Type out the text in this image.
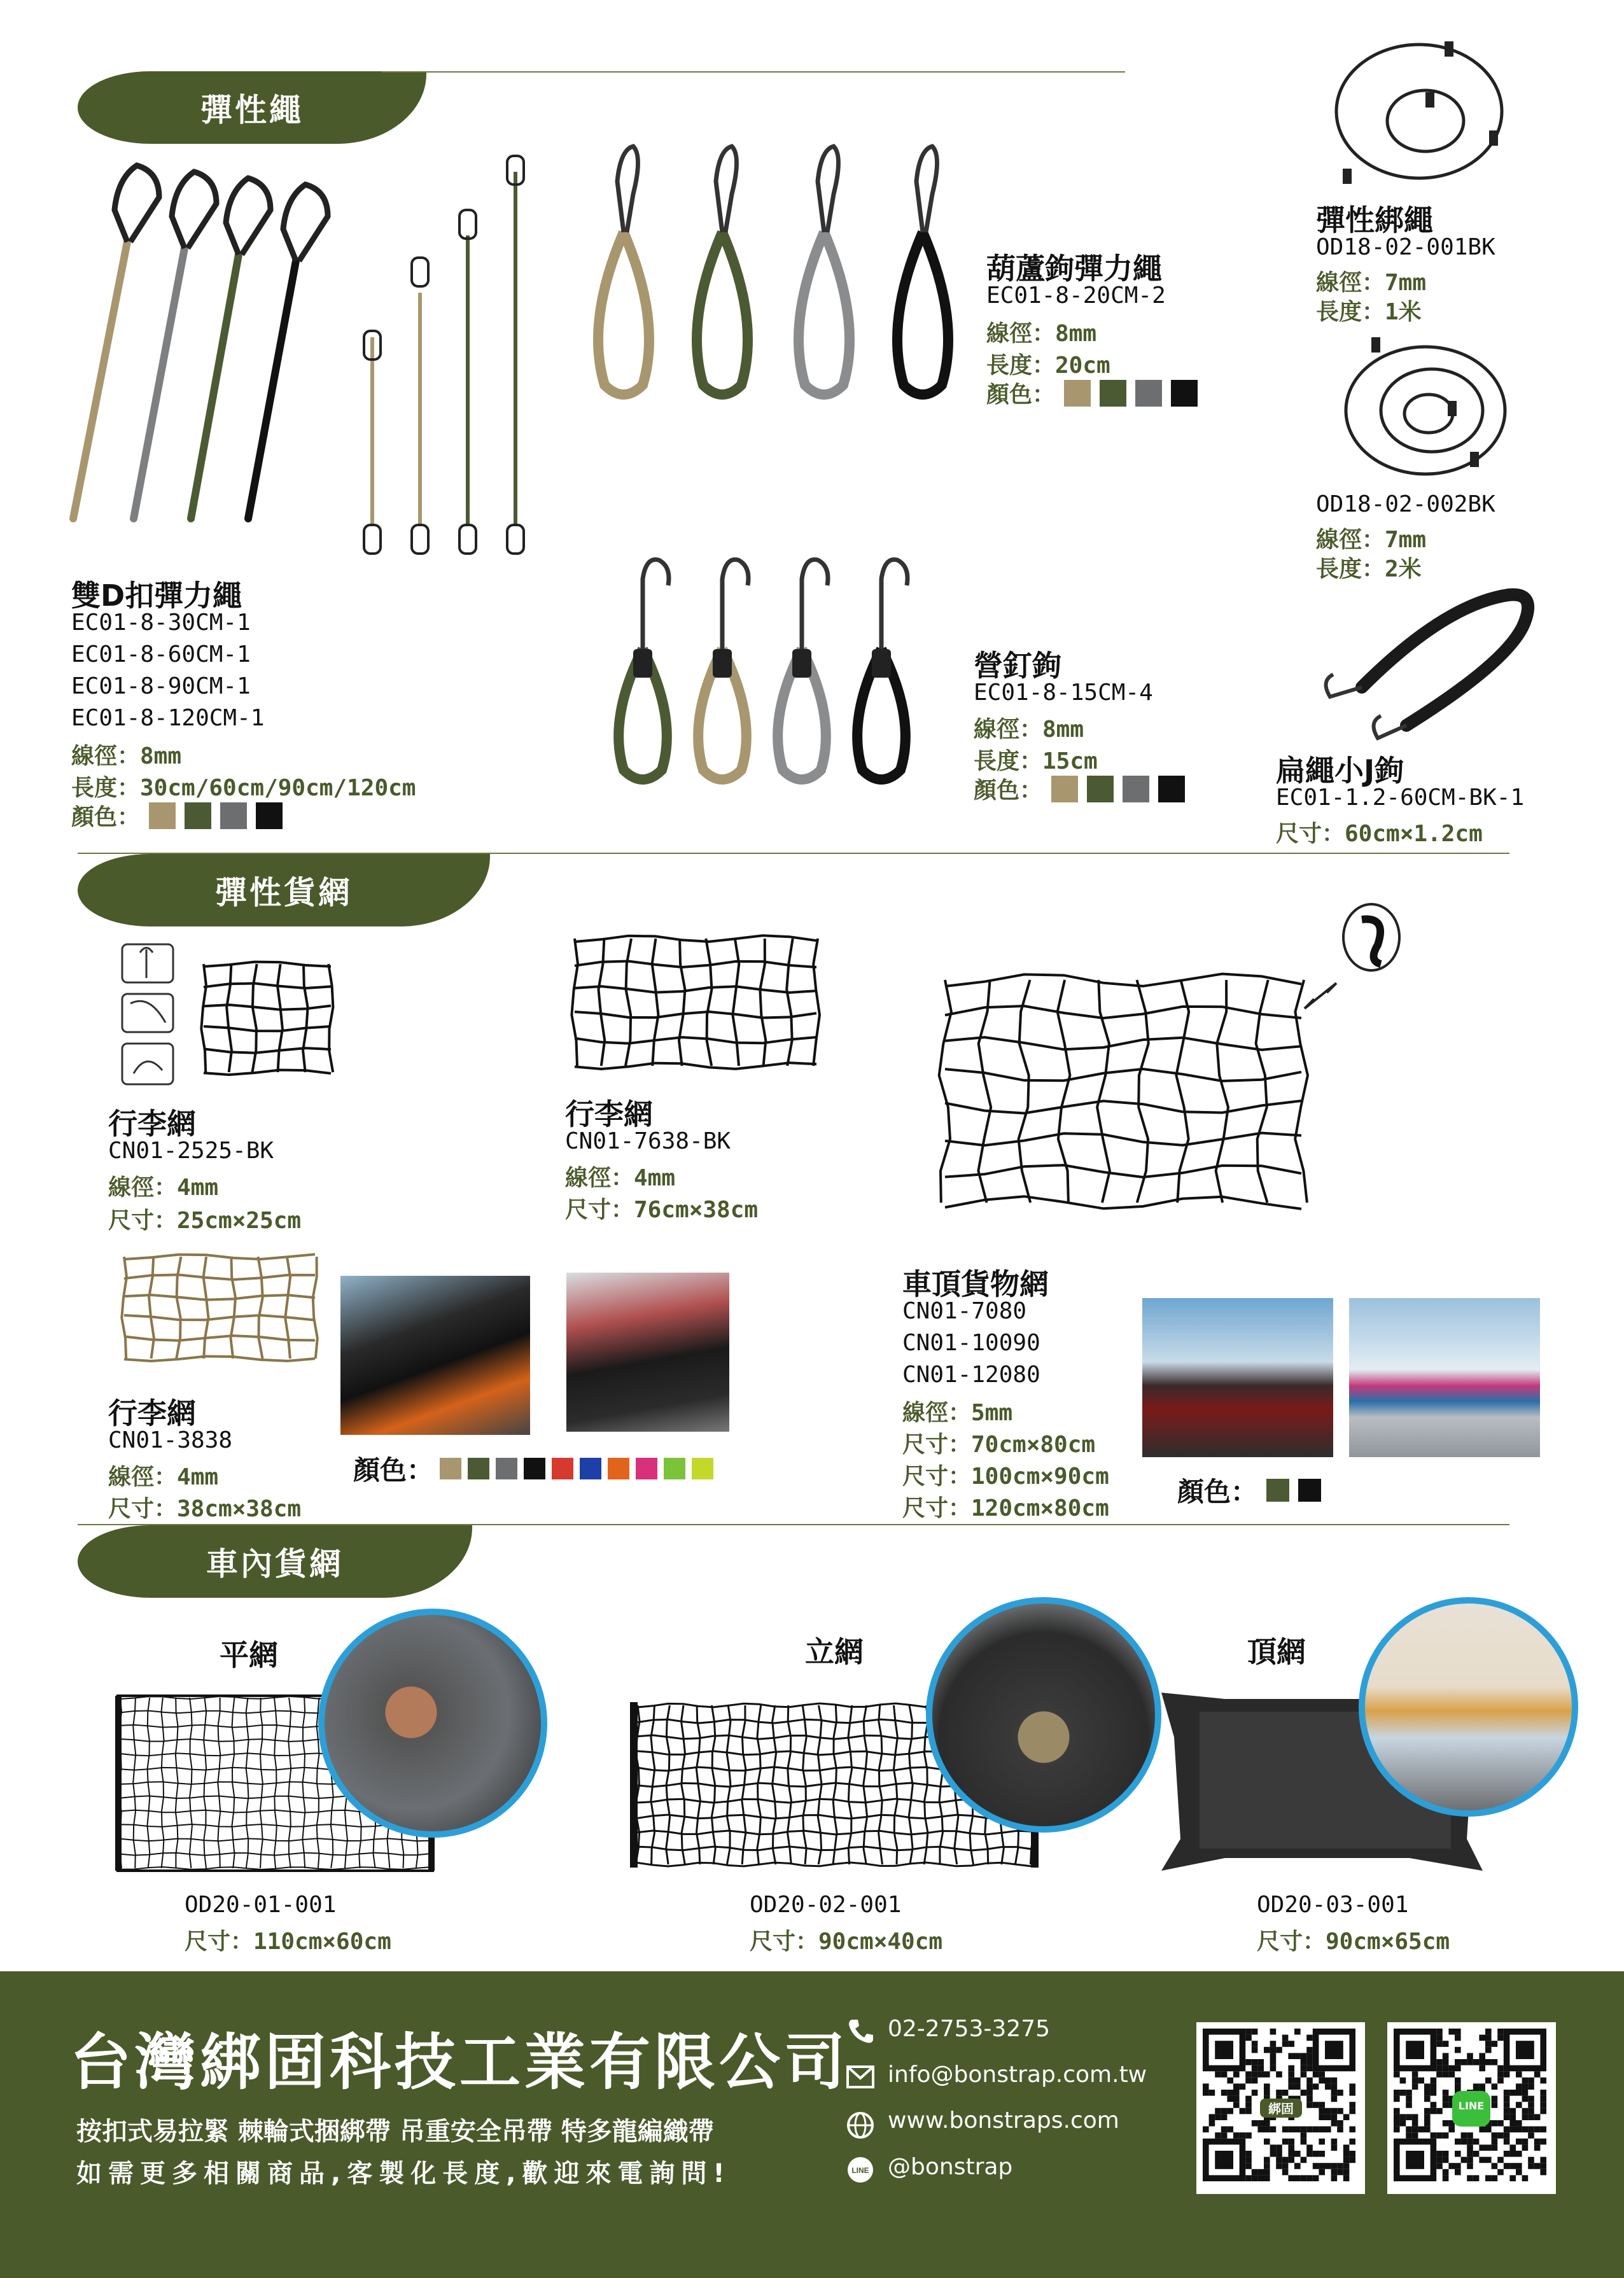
彈性繩
雙D扣彈力繩
EC01-8-30CM-1
EC01-8-60CM-1
EC01-8-90CM-1
EC01-8-120CM-1
線徑：8mm
長度：30cm/60cm/90cm/120cm
顏色：
葫蘆鉤彈力繩
EC01-8-20CM-2
線徑：8mm
長度：20cm
顏色：
營釘鉤
EC01-8-15CM-4
線徑：8mm
長度：15cm
顏色：
彈性綁繩
OD18-02-001BK
線徑：7mm
長度：1米
OD18-02-002BK
線徑：7mm
長度：2米
扁繩小J鉤
EC01-1.2-60CM-BK-1
尺寸：60cm×1.2cm
彈性貨網
行李網
CN01-2525-BK
線徑：4mm
尺寸：25cm×25cm
行李網
CN01-7638-BK
線徑：4mm
尺寸：76cm×38cm
車頂貨物網
CN01-7080
CN01-10090
CN01-12080
線徑：5mm
尺寸：70cm×80cm
尺寸：100cm×90cm
尺寸：120cm×80cm
顏色：
行李網
CN01-3838
線徑：4mm
尺寸：38cm×38cm
顏色：
車內貨網
平網
OD20-01-001
尺寸：110cm×60cm
立網
OD20-02-001
尺寸：90cm×40cm
頂網
OD20-03-001
尺寸：90cm×65cm
台灣綁固科技工業有限公司
按扣式易拉緊 棘輪式捆綁帶 吊重安全吊帶 特多龍編織帶
如需更多相關商品,客製化長度,歡迎來電詢問!
02-2753-3275
info@bonstrap.com.tw
www.bonstraps.com
LINE @bonstrap
綁固	LINE
